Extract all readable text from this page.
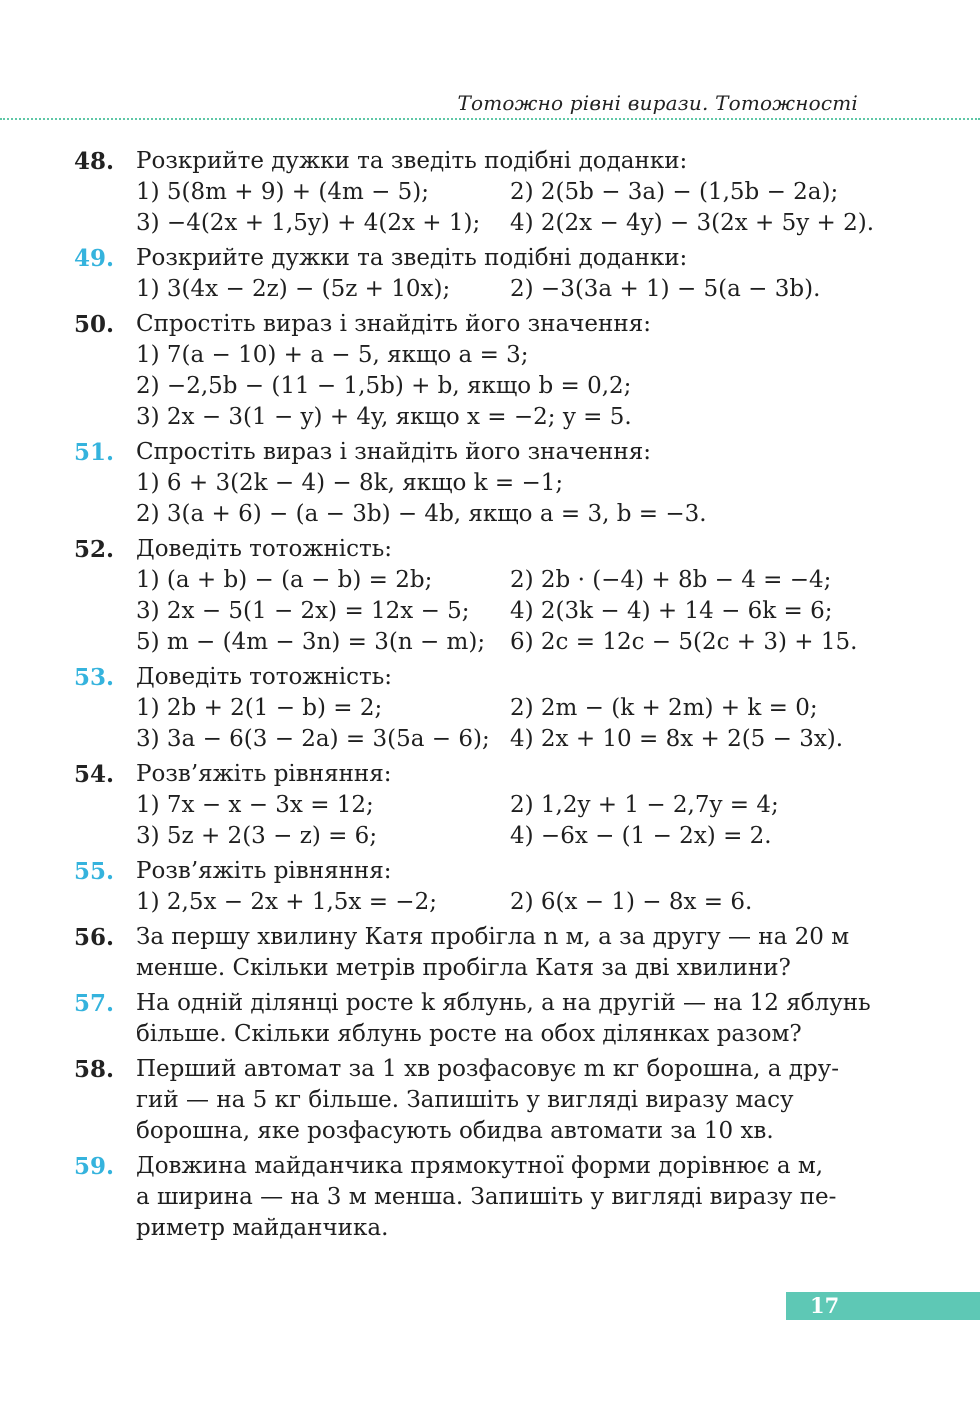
Тотожно рівні вирази. Тотожності
48. Розкрийте дужки та зведіть подібні доданки:
1) 5(8m + 9) + (4m − 5);	2) 2(5b − 3a) − (1,5b − 2a);
3) −4(2x + 1,5y) + 4(2x + 1); 4) 2(2x − 4y) − 3(2x + 5y + 2).
49. Розкрийте дужки та зведіть подібні доданки:
1) 3(4x − 2z) − (5z + 10x);	2) −3(3a + 1) − 5(a − 3b).
50. Спростіть вираз і знайдіть його значення:
1) 7(a − 10) + a − 5, якщо a = 3;
2) −2,5b − (11 − 1,5b) + b, якщо b = 0,2;
3) 2x − 3(1 − y) + 4y, якщо x = −2; y = 5.
51. Спростіть вираз і знайдіть його значення:
1) 6 + 3(2k − 4) − 8k, якщо k = −1;
2) 3(a + 6) − (a − 3b) − 4b, якщо a = 3, b = −3.
52. Доведіть тотожність:
1) (a + b) − (a − b) = 2b;	2) 2b · (−4) + 8b − 4 = −4;
3) 2x − 5(1 − 2x) = 12x − 5; 4) 2(3k − 4) + 14 − 6k = 6;
5) m − (4m − 3n) = 3(n − m); 6) 2c = 12c − 5(2c + 3) + 15.
53. Доведіть тотожність:
1) 2b + 2(1 − b) = 2;	2) 2m − (k + 2m) + k = 0;
3) 3a − 6(3 − 2a) = 3(5a − 6); 4) 2x + 10 = 8x + 2(5 − 3x).
54. Розв’яжіть рівняння:
1) 7x − x − 3x = 12;	2) 1,2y + 1 − 2,7y = 4;
3) 5z + 2(3 − z) = 6;	4) −6x − (1 − 2x) = 2.
55. Розв’яжіть рівняння:
1) 2,5x − 2x + 1,5x = −2;	2) 6(x − 1) − 8x = 6.
56. За першу хвилину Катя пробігла n м, а за другу — на 20 м
менше. Скільки метрів пробігла Катя за дві хвилини?
57. На одній ділянці росте k яблунь, а на другій — на 12 яблунь
більше. Скільки яблунь росте на обох ділянках разом?
58. Перший автомат за 1 хв розфасовує m кг борошна, а дру-
гий — на 5 кг більше. Запишіть у вигляді виразу масу
борошна, яке розфасують обидва автомати за 10 хв.
59. Довжина майданчика прямокутної форми дорівнює a м,
а ширина — на 3 м менша. Запишіть у вигляді виразу пе-
риметр майданчика.
17
